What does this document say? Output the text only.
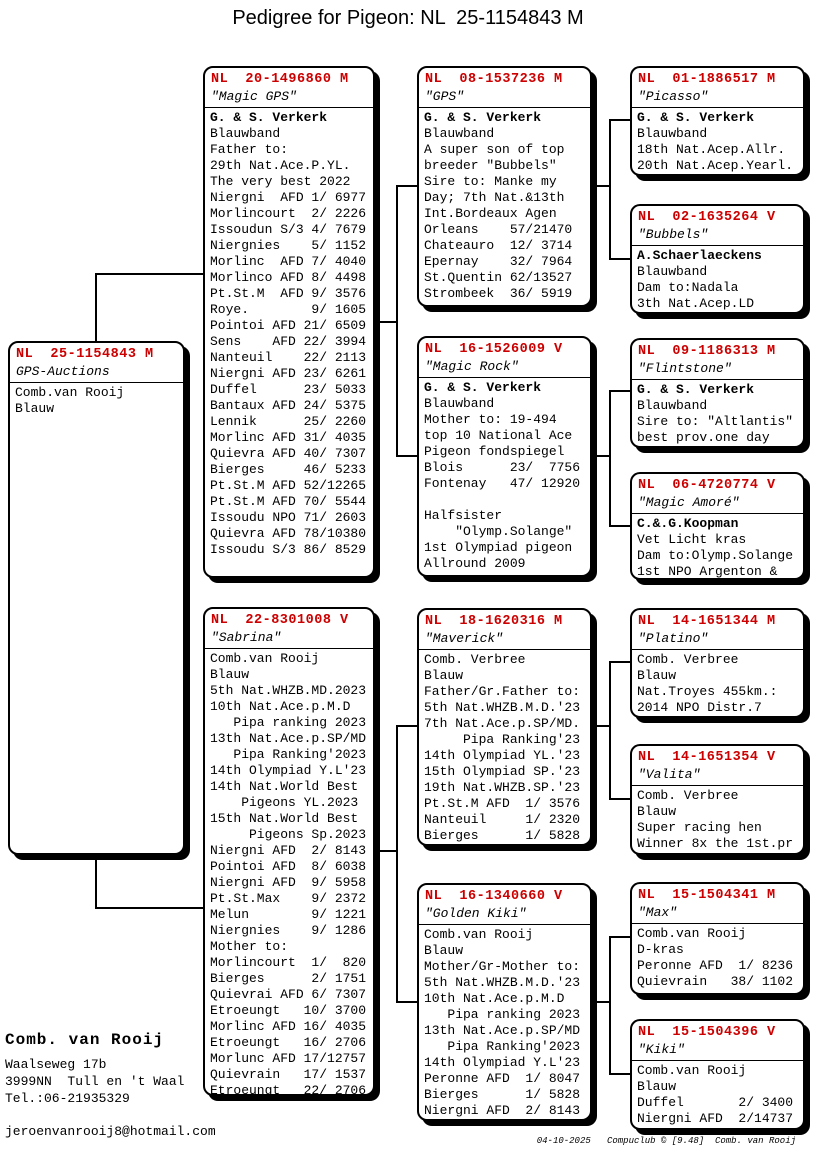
Pedigree for Pigeon: NL  25-1154843 M
NL  25-1154843 M
GPS-Auctions
Comb.van Rooij
Blauw
NL  20-1496860 M
"Magic GPS"
G. & S. Verkerk
Blauwband
Father to:
29th Nat.Ace.P.YL.
The very best 2022
Niergni  AFD 1/ 6977
Morlincourt  2/ 2226
Issoudun S/3 4/ 7679
Niergnies    5/ 1152
Morlinc  AFD 7/ 4040
Morlinco AFD 8/ 4498
Pt.St.M  AFD 9/ 3576
Roye.        9/ 1605
Pointoi AFD 21/ 6509
Sens    AFD 22/ 3994
Nanteuil    22/ 2113
Niergni AFD 23/ 6261
Duffel      23/ 5033
Bantaux AFD 24/ 5375
Lennik      25/ 2260
Morlinc AFD 31/ 4035
Quievra AFD 40/ 7307
Bierges     46/ 5233
Pt.St.M AFD 52/12265
Pt.St.M AFD 70/ 5544
Issoudu NPO 71/ 2603
Quievra AFD 78/10380
Issoudu S/3 86/ 8529
NL  22-8301008 V
"Sabrina"
Comb.van Rooij
Blauw
5th Nat.WHZB.MD.2023
10th Nat.Ace.p.M.D
Pipa ranking 2023
13th Nat.Ace.p.SP/MD
Pipa Ranking'2023
14th Olympiad Y.L'23
14th Nat.World Best
Pigeons YL.2023
15th Nat.World Best
Pigeons Sp.2023
Niergni AFD  2/ 8143
Pointoi AFD  8/ 6038
Niergni AFD  9/ 5958
Pt.St.Max    9/ 2372
Melun        9/ 1221
Niergnies    9/ 1286
Mother to:
Morlincourt  1/  820
Bierges      2/ 1751
Quievrai AFD 6/ 7307
Etroeungt   10/ 3700
Morlinc AFD 16/ 4035
Etroeungt   16/ 2706
Morlunc AFD 17/12757
Quievrain   17/ 1537
Etroeungt   22/ 2706
NL  08-1537236 M
"GPS"
G. & S. Verkerk
Blauwband
A super son of top
breeder "Bubbels"
Sire to: Manke my
Day; 7th Nat.&13th
Int.Bordeaux Agen
Orleans    57/21470
Chateauro  12/ 3714
Epernay    32/ 7964
St.Quentin 62/13527
Strombeek  36/ 5919
NL  16-1526009 V
"Magic Rock"
G. & S. Verkerk
Blauwband
Mother to: 19-494
top 10 National Ace
Pigeon fondspiegel
Blois      23/  7756
Fontenay   47/ 12920
Halfsister
"Olymp.Solange"
1st Olympiad pigeon
Allround 2009
NL  18-1620316 M
"Maverick"
Comb. Verbree
Blauw
Father/Gr.Father to:
5th Nat.WHZB.M.D.'23
7th Nat.Ace.p.SP/MD.
Pipa Ranking'23
14th Olympiad YL.'23
15th Olympiad SP.'23
19th Nat.WHZB.SP.'23
Pt.St.M AFD  1/ 3576
Nanteuil     1/ 2320
Bierges      1/ 5828
NL  16-1340660 V
"Golden Kiki"
Comb.van Rooij
Blauw
Mother/Gr-Mother to:
5th Nat.WHZB.M.D.'23
10th Nat.Ace.p.M.D
Pipa ranking 2023
13th Nat.Ace.p.SP/MD
Pipa Ranking'2023
14th Olympiad Y.L'23
Peronne AFD  1/ 8047
Bierges      1/ 5828
Niergni AFD  2/ 8143
NL  01-1886517 M
"Picasso"
G. & S. Verkerk
Blauwband
18th Nat.Acep.Allr.
20th Nat.Acep.Yearl.
NL  02-1635264 V
"Bubbels"
A.Schaerlaeckens
Blauwband
Dam to:Nadala
3th Nat.Acep.LD
NL  09-1186313 M
"Flintstone"
G. & S. Verkerk
Blauwband
Sire to: "Altlantis"
best prov.one day
NL  06-4720774 V
"Magic Amoré"
C.&.G.Koopman
Vet Licht kras
Dam to:Olymp.Solange
1st NPO Argenton &
NL  14-1651344 M
"Platino"
Comb. Verbree
Blauw
Nat.Troyes 455km.:
2014 NPO Distr.7
NL  14-1651354 V
"Valita"
Comb. Verbree
Blauw
Super racing hen
Winner 8x the 1st.pr
NL  15-1504341 M
"Max"
Comb.van Rooij
D-kras
Peronne AFD  1/ 8236
Quievrain   38/ 1102
NL  15-1504396 V
"Kiki"
Comb.van Rooij
Blauw
Duffel       2/ 3400
Niergni AFD  2/14737
Comb. van Rooij
Waalseweg 17b
3999NN  Tull en 't Waal
Tel.:06-21935329
jeroenvanrooij8@hotmail.com
04-10-2025   Compuclub © [9.48]  Comb. van Rooij
